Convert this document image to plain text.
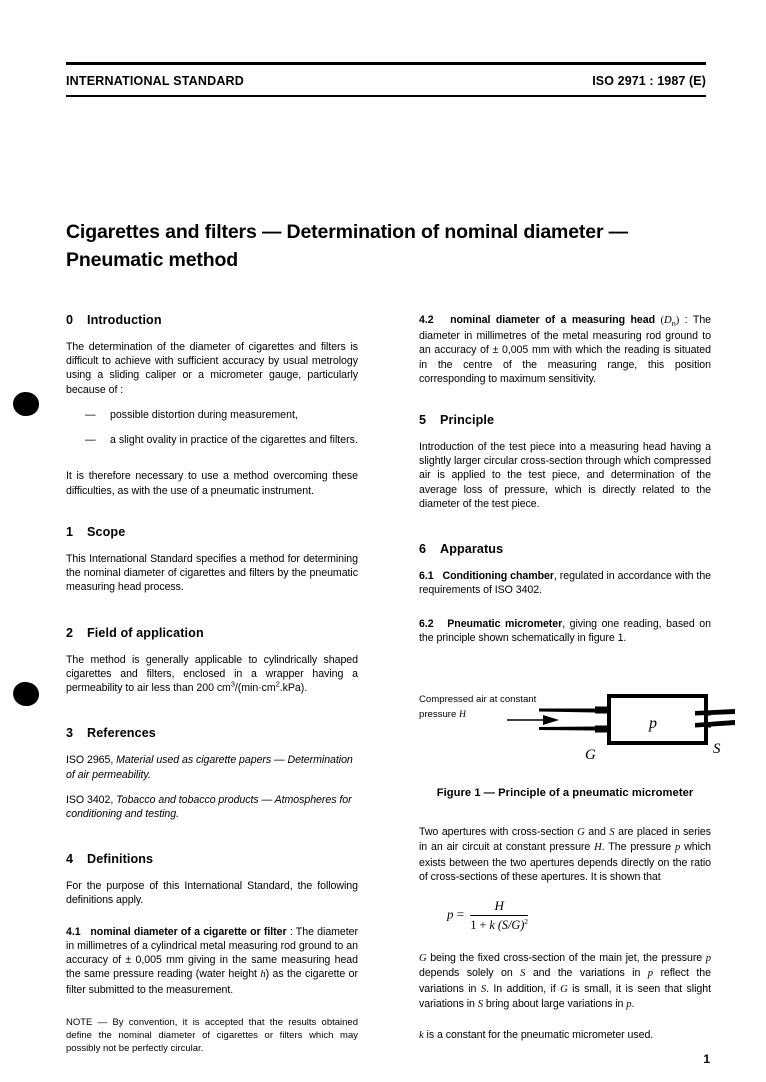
INTERNATIONAL STANDARD	ISO 2971 : 1987 (E)
Cigarettes and filters — Determination of nominal diameter — Pneumatic method
0 Introduction

The determination of the diameter of cigarettes and filters is difficult to achieve with sufficient accuracy by usual metrology using a sliding caliper or a micrometer gauge, particularly because of :

— possible distortion during measurement,
— a slight ovality in practice of the cigarettes and filters.

It is therefore necessary to use a method overcoming these difficulties, as with the use of a pneumatic instrument.

1 Scope

This International Standard specifies a method for determining the nominal diameter of cigarettes and filters by the pneumatic measuring head process.

2 Field of application

The method is generally applicable to cylindrically shaped cigarettes and filters, enclosed in a wrapper having a permeability to air less than 200 $cm^3/(\min\cdot cm^2.kPa)$.

3 References

ISO 2965, Material used as cigarette papers — Determination of air permeability.

ISO 3402, Tobacco and tobacco products — Atmospheres for conditioning and testing.

4 Definitions

For the purpose of this International Standard, the following definitions apply.

4.1 nominal diameter of a cigarette or filter : The diameter in millimetres of a cylindrical metal measuring rod ground to an accuracy of ± 0,005 mm giving in the same measuring head the same pressure reading (water height h) as the cigarette or filter submitted to the measurement.

NOTE — By convention, it is accepted that the results obtained define the nominal diameter of cigarettes or filters which may possibly not be perfectly circular.

4.2 nominal diameter of a measuring head $(D_n)$ : The diameter in millimetres of the metal measuring rod ground to an accuracy of ± 0,005 mm with which the reading is situated in the centre of the measuring range, this position corresponding to maximum sensitivity.

5 Principle

Introduction of the test piece into a measuring head having a slightly larger circular cross-section through which compressed air is applied to the test piece, and determination of the average loss of pressure, which is directly related to the diameter of the test piece.

6 Apparatus

6.1 Conditioning chamber, regulated in accordance with the requirements of ISO 3402.

6.2 Pneumatic micrometer, giving one reading, based on the principle shown schematically in figure 1.

Compressed air at constant
pressure H
G
p
S
Figure 1 — Principle of a pneumatic micrometer

Two apertures with cross-section G and S are placed in series in an air circuit at constant pressure H. The pressure p which exists between the two apertures depends directly on the ratio of cross-sections of these apertures. It is shown that

$p = \frac{H}{1 + k (S/G)^2}$

G being the fixed cross-section of the main jet, the pressure p depends solely on S and the variations in p reflect the variations in S. In addition, if G is small, it is seen that slight variations in S bring about large variations in p.

k is a constant for the pneumatic micrometer used.

1
